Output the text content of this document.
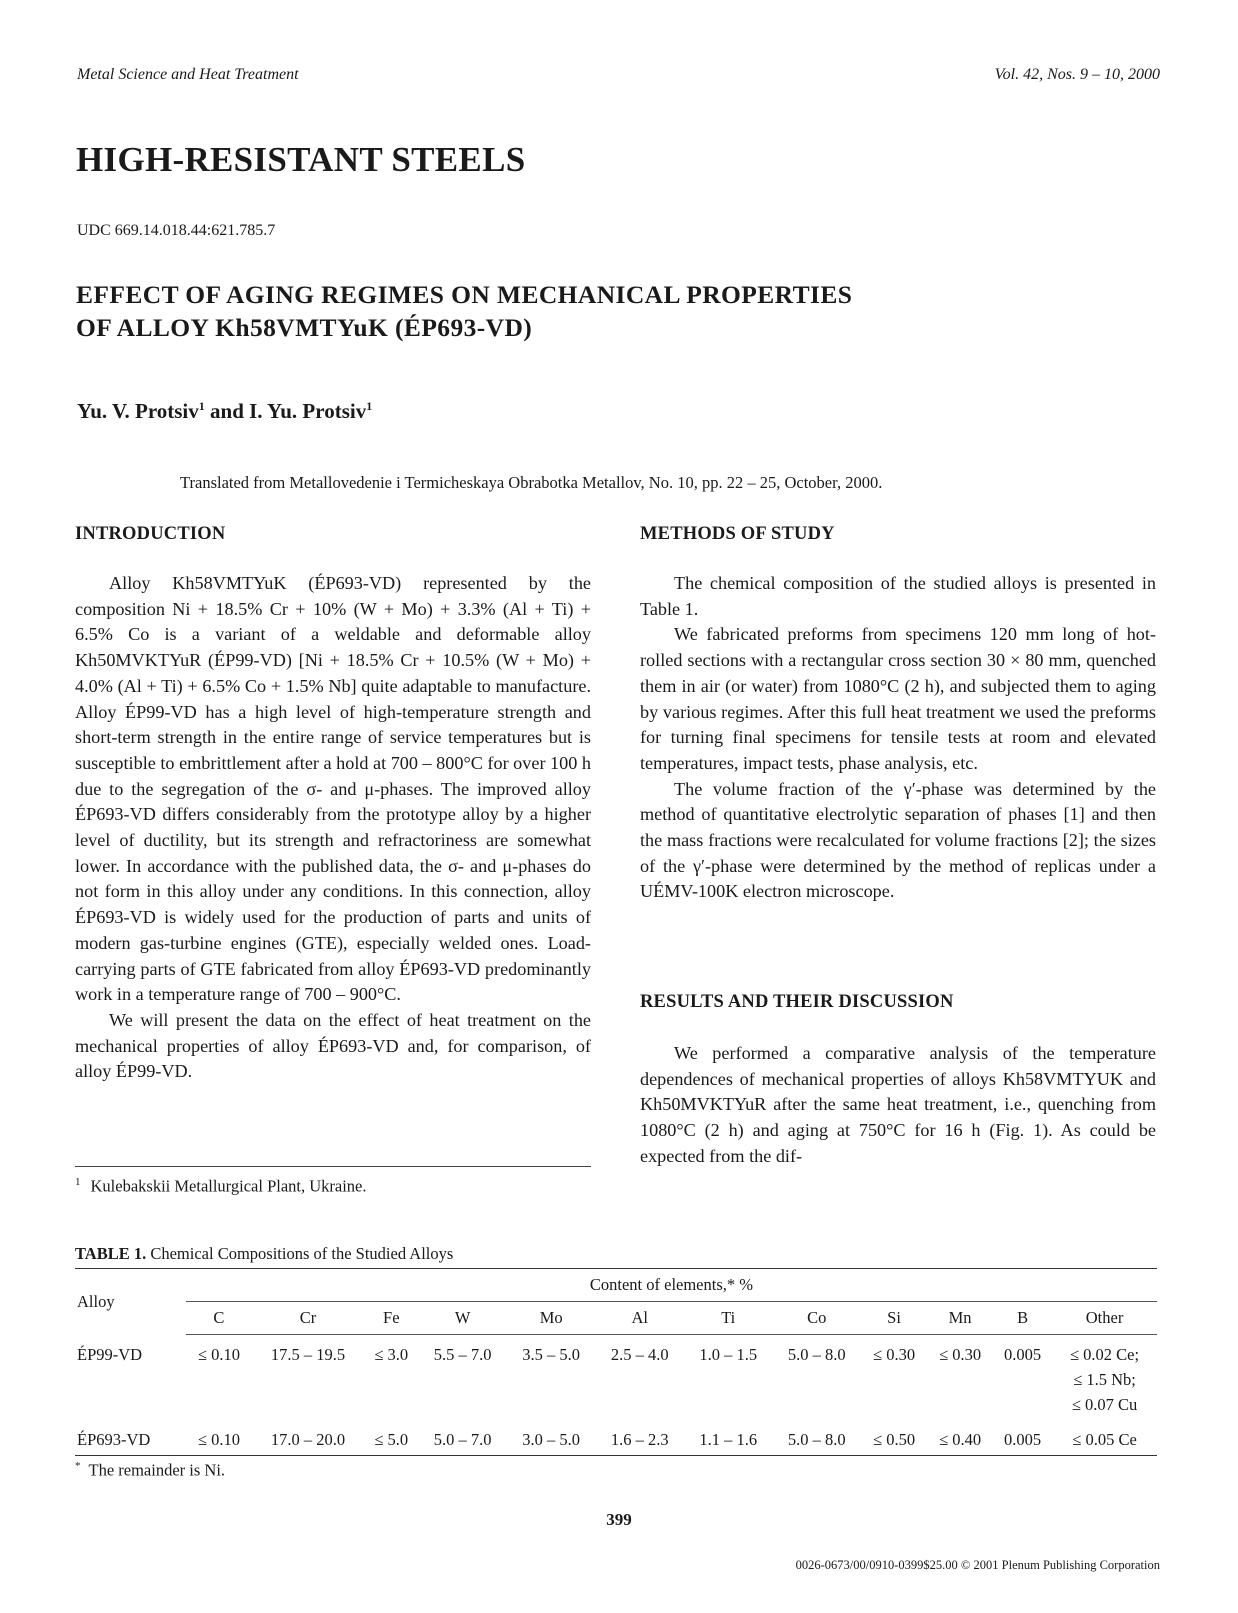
Metal Science and Heat Treatment	Vol. 42, Nos. 9 – 10, 2000
HIGH-RESISTANT STEELS
UDC 669.14.018.44:621.785.7
EFFECT OF AGING REGIMES ON MECHANICAL PROPERTIES
OF ALLOY Kh58VMTYuK (ÉP693-VD)
Yu. V. Protsiv$^1$ and I. Yu. Protsiv$^1$
Translated from Metallovedenie i Termicheskaya Obrabotka Metallov, No. 10, pp. 22 – 25, October, 2000.
INTRODUCTION

Alloy Kh58VMTYuK (ÉP693-VD) represented by the composition Ni + 18.5% Cr + 10% (W + Mo) + 3.3% (Al + Ti) + 6.5% Co is a variant of a weldable and deformable alloy Kh50MVKTYuR (ÉP99-VD) [Ni + 18.5% Cr + 10.5% (W + Mo) + 4.0% (Al + Ti) + 6.5% Co + 1.5% Nb] quite adaptable to manufacture. Alloy ÉP99-VD has a high level of high-temperature strength and short-term strength in the entire range of service temperatures but is susceptible to embrittlement after a hold at 700 – 800°C for over 100 h due to the segregation of the σ- and μ-phases. The improved alloy ÉP693-VD differs considerably from the prototype alloy by a higher level of ductility, but its strength and refractoriness are somewhat lower. In accordance with the published data, the σ- and μ-phases do not form in this alloy under any conditions. In this connection, alloy ÉP693-VD is widely used for the production of parts and units of modern gas-turbine engines (GTE), especially welded ones. Load-carrying parts of GTE fabricated from alloy ÉP693-VD predominantly work in a temperature range of 700 – 900°C.

We will present the data on the effect of heat treatment on the mechanical properties of alloy ÉP693-VD and, for comparison, of alloy ÉP99-VD.

$^1$ Kulebakskii Metallurgical Plant, Ukraine.
METHODS OF STUDY

The chemical composition of the studied alloys is presented in Table 1.

We fabricated preforms from specimens 120 mm long of hot-rolled sections with a rectangular cross section 30 × 80 mm, quenched them in air (or water) from 1080°C (2 h), and subjected them to aging by various regimes. After this full heat treatment we used the preforms for turning final specimens for tensile tests at room and elevated temperatures, impact tests, phase analysis, etc.

The volume fraction of the γ′-phase was determined by the method of quantitative electrolytic separation of phases [1] and then the mass fractions were recalculated for volume fractions [2]; the sizes of the γ′-phase were determined by the method of replicas under a UÉMV-100K electron microscope.

RESULTS AND THEIR DISCUSSION

We performed a comparative analysis of the temperature dependences of mechanical properties of alloys Kh58VMTYUK and Kh50MVKTYuR after the same heat treatment, i.e., quenching from 1080°C (2 h) and aging at 750°C for 16 h (Fig. 1). As could be expected from the dif-

TABLE 1. Chemical Compositions of the Studied Alloys
Alloy	Content of elements,* %											
	C	Cr	Fe	W	Mo	Al	Ti	Co	Si	Mn	B	Other
ÉP99-VD	≤ 0.10	17.5 – 19.5	≤ 3.0	5.5 – 7.0	3.5 – 5.0	2.5 – 4.0	1.0 – 1.5	5.0 – 8.0	≤ 0.30	≤ 0.30	0.005	≤ 0.02 Ce;
≤ 1.5 Nb;
≤ 0.07 Cu

ÉP693-VD	≤ 0.10	17.0 – 20.0	≤ 5.0	5.0 – 7.0	3.0 – 5.0	1.6 – 2.3	1.1 – 1.6	5.0 – 8.0	≤ 0.50	≤ 0.40	0.005	≤ 0.05 Ce
* The remainder is Ni.
399
0026-0673/00/0910-0399$25.00 © 2001 Plenum Publishing Corporation
